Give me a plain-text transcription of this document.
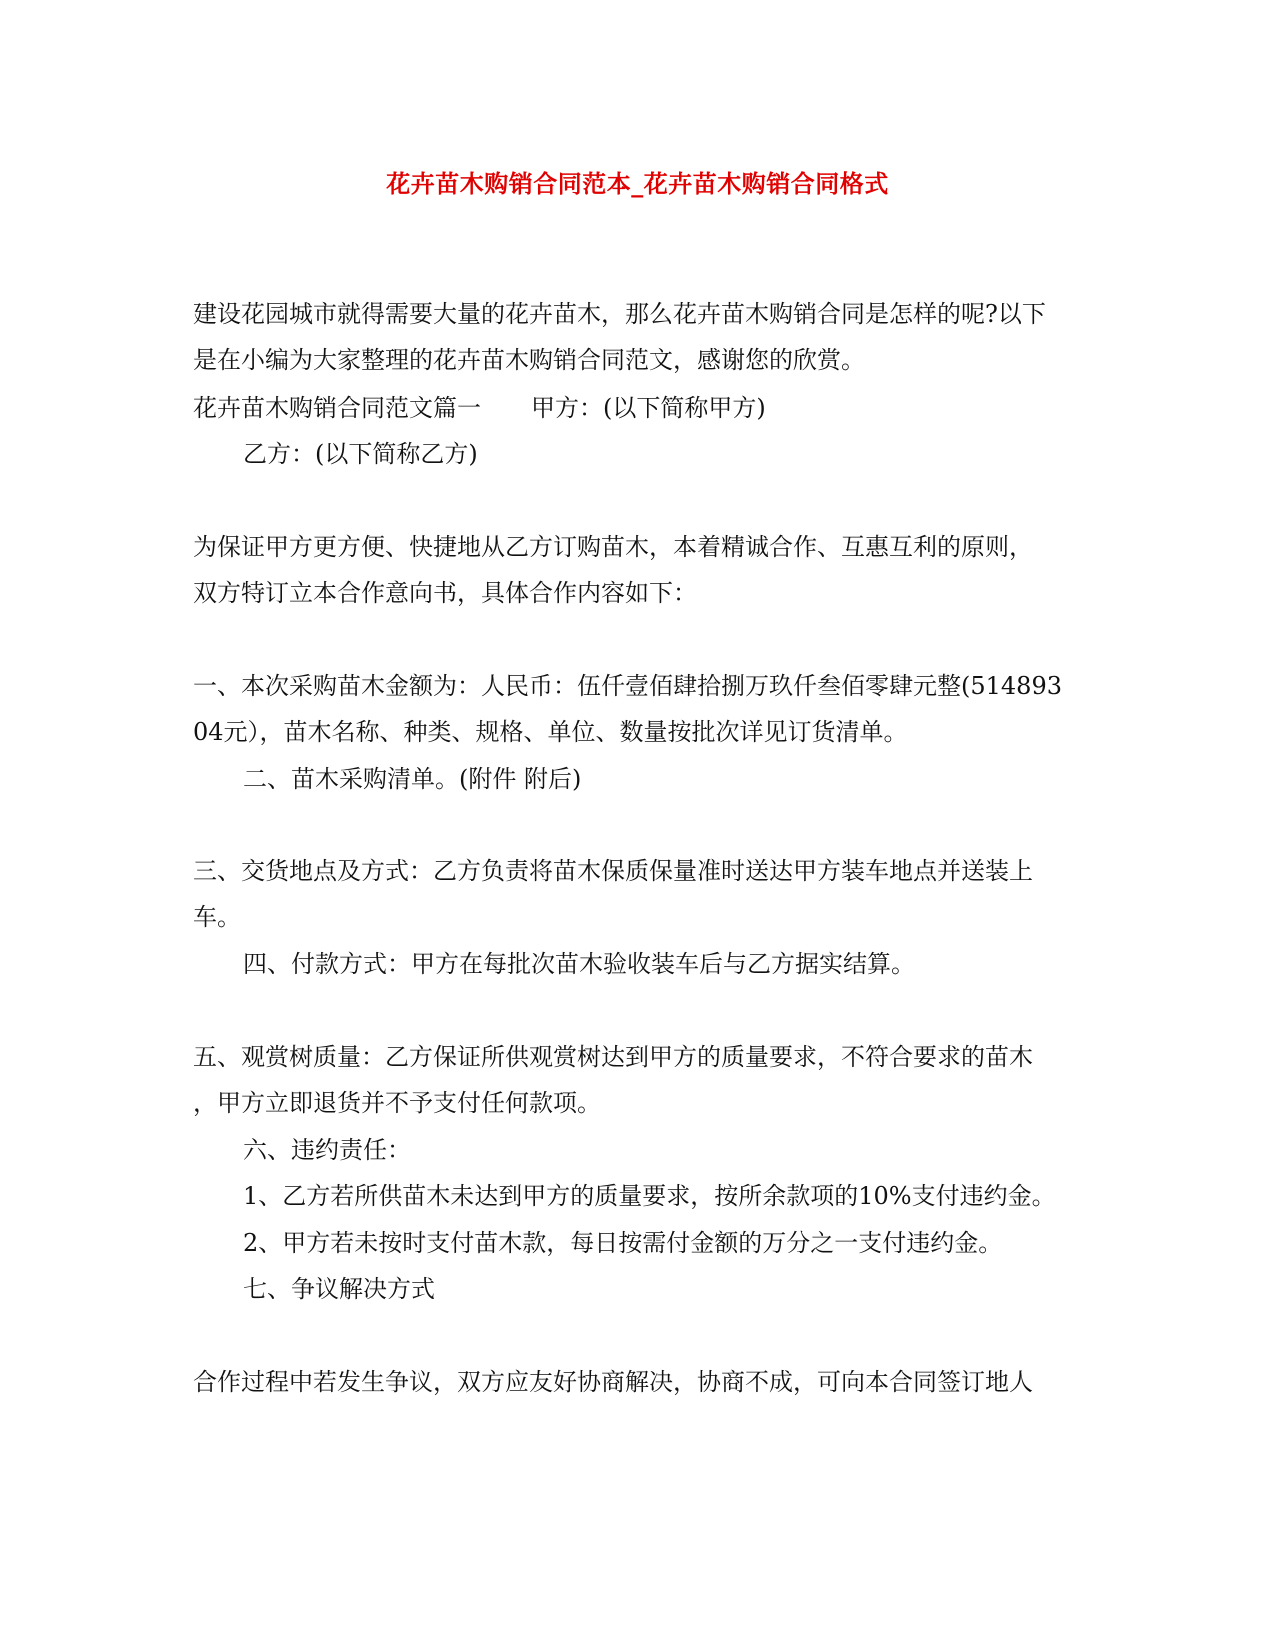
花卉苗木购销合同范本_花卉苗木购销合同格式
建设花园城市就得需要大量的花卉苗木，那么花卉苗木购销合同是怎样的呢?以下
是在小编为大家整理的花卉苗木购销合同范文，感谢您的欣赏。
花卉苗木购销合同范文篇一 甲方：(以下简称甲方)
乙方：(以下简称乙方)
为保证甲方更方便、快捷地从乙方订购苗木，本着精诚合作、互惠互利的原则，
双方特订立本合作意向书，具体合作内容如下：
一、本次采购苗木金额为：人民币：伍仟壹佰肆拾捌万玖仟叁佰零肆元整(514893
04元），苗木名称、种类、规格、单位、数量按批次详见订货清单。
二、苗木采购清单。(附件 附后)
三、交货地点及方式：乙方负责将苗木保质保量准时送达甲方装车地点并送装上
车。
四、付款方式：甲方在每批次苗木验收装车后与乙方据实结算。
五、观赏树质量：乙方保证所供观赏树达到甲方的质量要求，不符合要求的苗木
，甲方立即退货并不予支付任何款项。
六、违约责任：
1、乙方若所供苗木未达到甲方的质量要求，按所余款项的10%支付违约金。
2、甲方若未按时支付苗木款，每日按需付金额的万分之一支付违约金。
七、争议解决方式
合作过程中若发生争议，双方应友好协商解决，协商不成，可向本合同签订地人
